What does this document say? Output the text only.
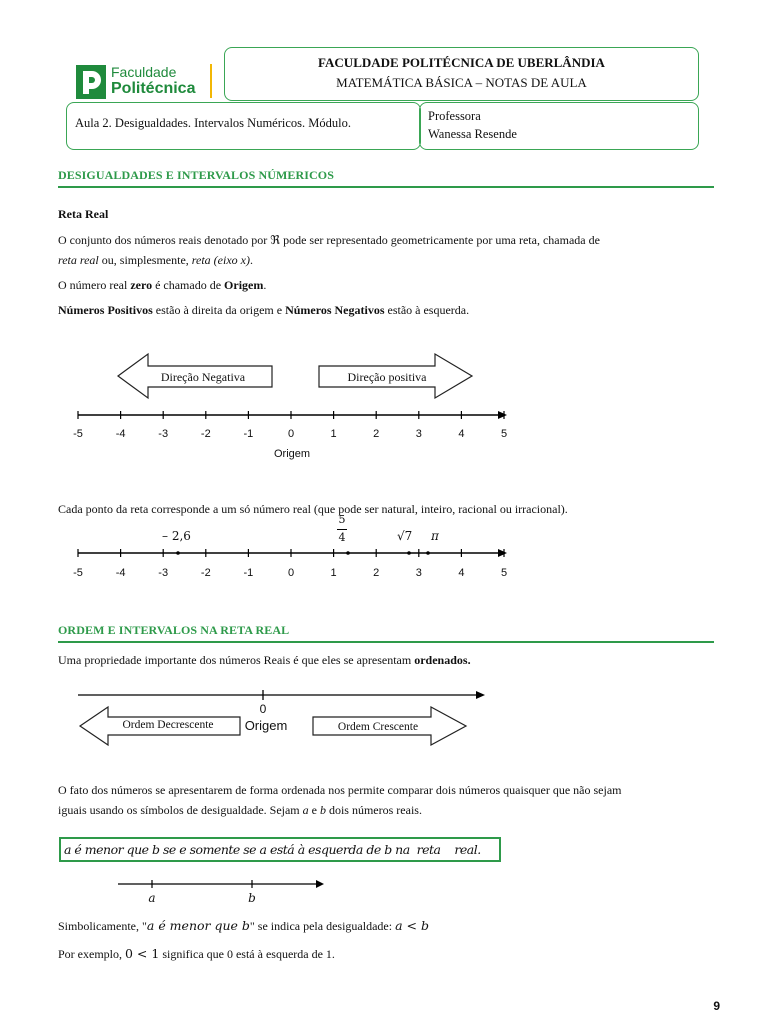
Faculdade
Politécnica
FACULDADE POLITÉCNICA DE UBERLÂNDIA
MATEMÁTICA BÁSICA – NOTAS DE AULA
Aula 2. Desigualdades. Intervalos Numéricos. Módulo.	Professora
Wanessa Resende
DESIGUALDADES E INTERVALOS NÚMERICOS
Reta Real
O conjunto dos números reais denotado por ℜ pode ser representado geometricamente por uma reta, chamada de
reta real ou, simplesmente, reta (eixo x).
O número real zero é chamado de Origem.
Números Positivos estão à direita da origem e Números Negativos estão à esquerda.
Direção Negativa	Direção positiva
-5	-4	-3	-2	-1	0	1	2	3	4	5
Origem
Cada ponto da reta corresponde a um só número real (que pode ser natural, inteiro, racional ou irracional).
-5	-4	-3	-2	-1	0	1	2	3	4	5
– 2,6
5
4	√7 π
ORDEM E INTERVALOS NA RETA REAL
Uma propriedade importante dos números Reais é que eles se apresentam ordenados.
0
Origem
Ordem Decrescente	Ordem Crescente
O fato dos números se apresentarem de forma ordenada nos permite comparar dois números quaisquer que não sejam
iguais usando os símbolos de desigualdade. Sejam a e b dois números reais.
a é menor que b se e somente se a está à esquerda de b na  reta    real.
a	b
Simbolicamente, "a é menor que b" se indica pela desigualdade: a < b
Por exemplo, 0 < 1 significa que 0 está à esquerda de 1.
9
